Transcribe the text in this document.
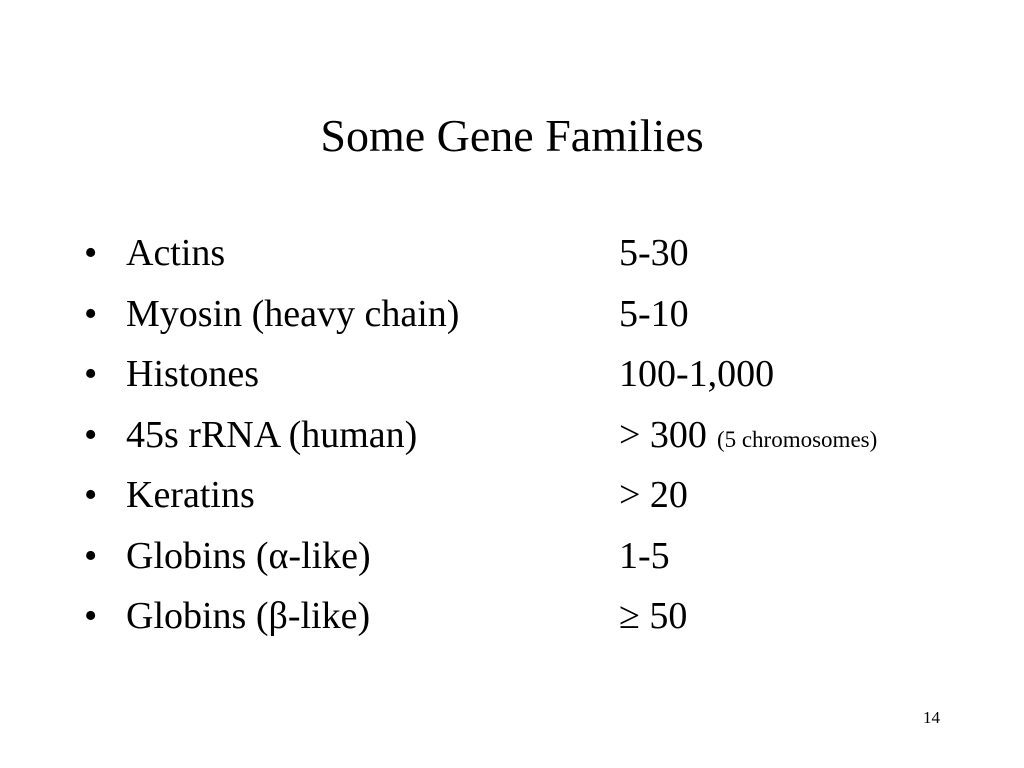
Some Gene Families
• Actins	5-30
• Myosin (heavy chain)	5-10
• Histones	100-1,000
• 45s rRNA (human)	> 300 (5 chromosomes)
• Keratins	> 20
• Globins (α-like)	1-5
• Globins (β-like)	≥ 50
14
